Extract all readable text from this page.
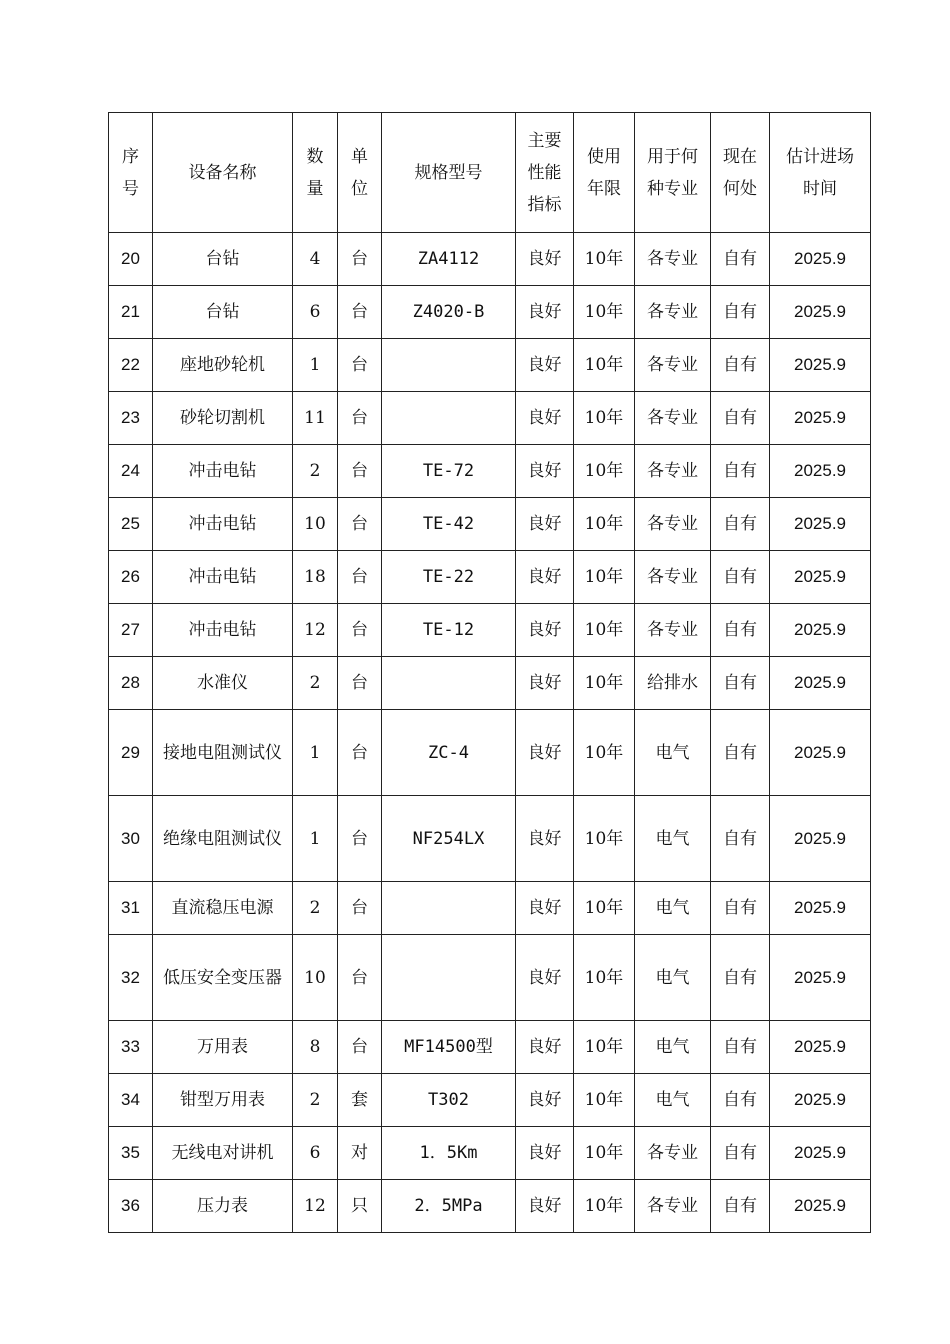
序号	设备名称	数量	单位	规格型号	主要性能指标	使用年限	用于何种专业	现在何处	估计进场时间
20	台钻	4	台	ZA4112	良好	10年	各专业	自有	2025.9
21	台钻	6	台	Z4020-B	良好	10年	各专业	自有	2025.9
22	座地砂轮机	1	台		良好	10年	各专业	自有	2025.9
23	砂轮切割机	11	台		良好	10年	各专业	自有	2025.9
24	冲击电钻	2	台	TE-72	良好	10年	各专业	自有	2025.9
25	冲击电钻	10	台	TE-42	良好	10年	各专业	自有	2025.9
26	冲击电钻	18	台	TE-22	良好	10年	各专业	自有	2025.9
27	冲击电钻	12	台	TE-12	良好	10年	各专业	自有	2025.9
28	水准仪	2	台		良好	10年	给排水	自有	2025.9
29	接地电阻测试仪	1	台	ZC-4	良好	10年	电气	自有	2025.9
30	绝缘电阻测试仪	1	台	NF254LX	良好	10年	电气	自有	2025.9
31	直流稳压电源	2	台		良好	10年	电气	自有	2025.9
32	低压安全变压器	10	台		良好	10年	电气	自有	2025.9
33	万用表	8	台	MF14500型	良好	10年	电气	自有	2025.9
34	钳型万用表	2	套	T302	良好	10年	电气	自有	2025.9
35	无线电对讲机	6	对	1．5Km	良好	10年	各专业	自有	2025.9
36	压力表	12	只	2．5MPa	良好	10年	各专业	自有	2025.9
